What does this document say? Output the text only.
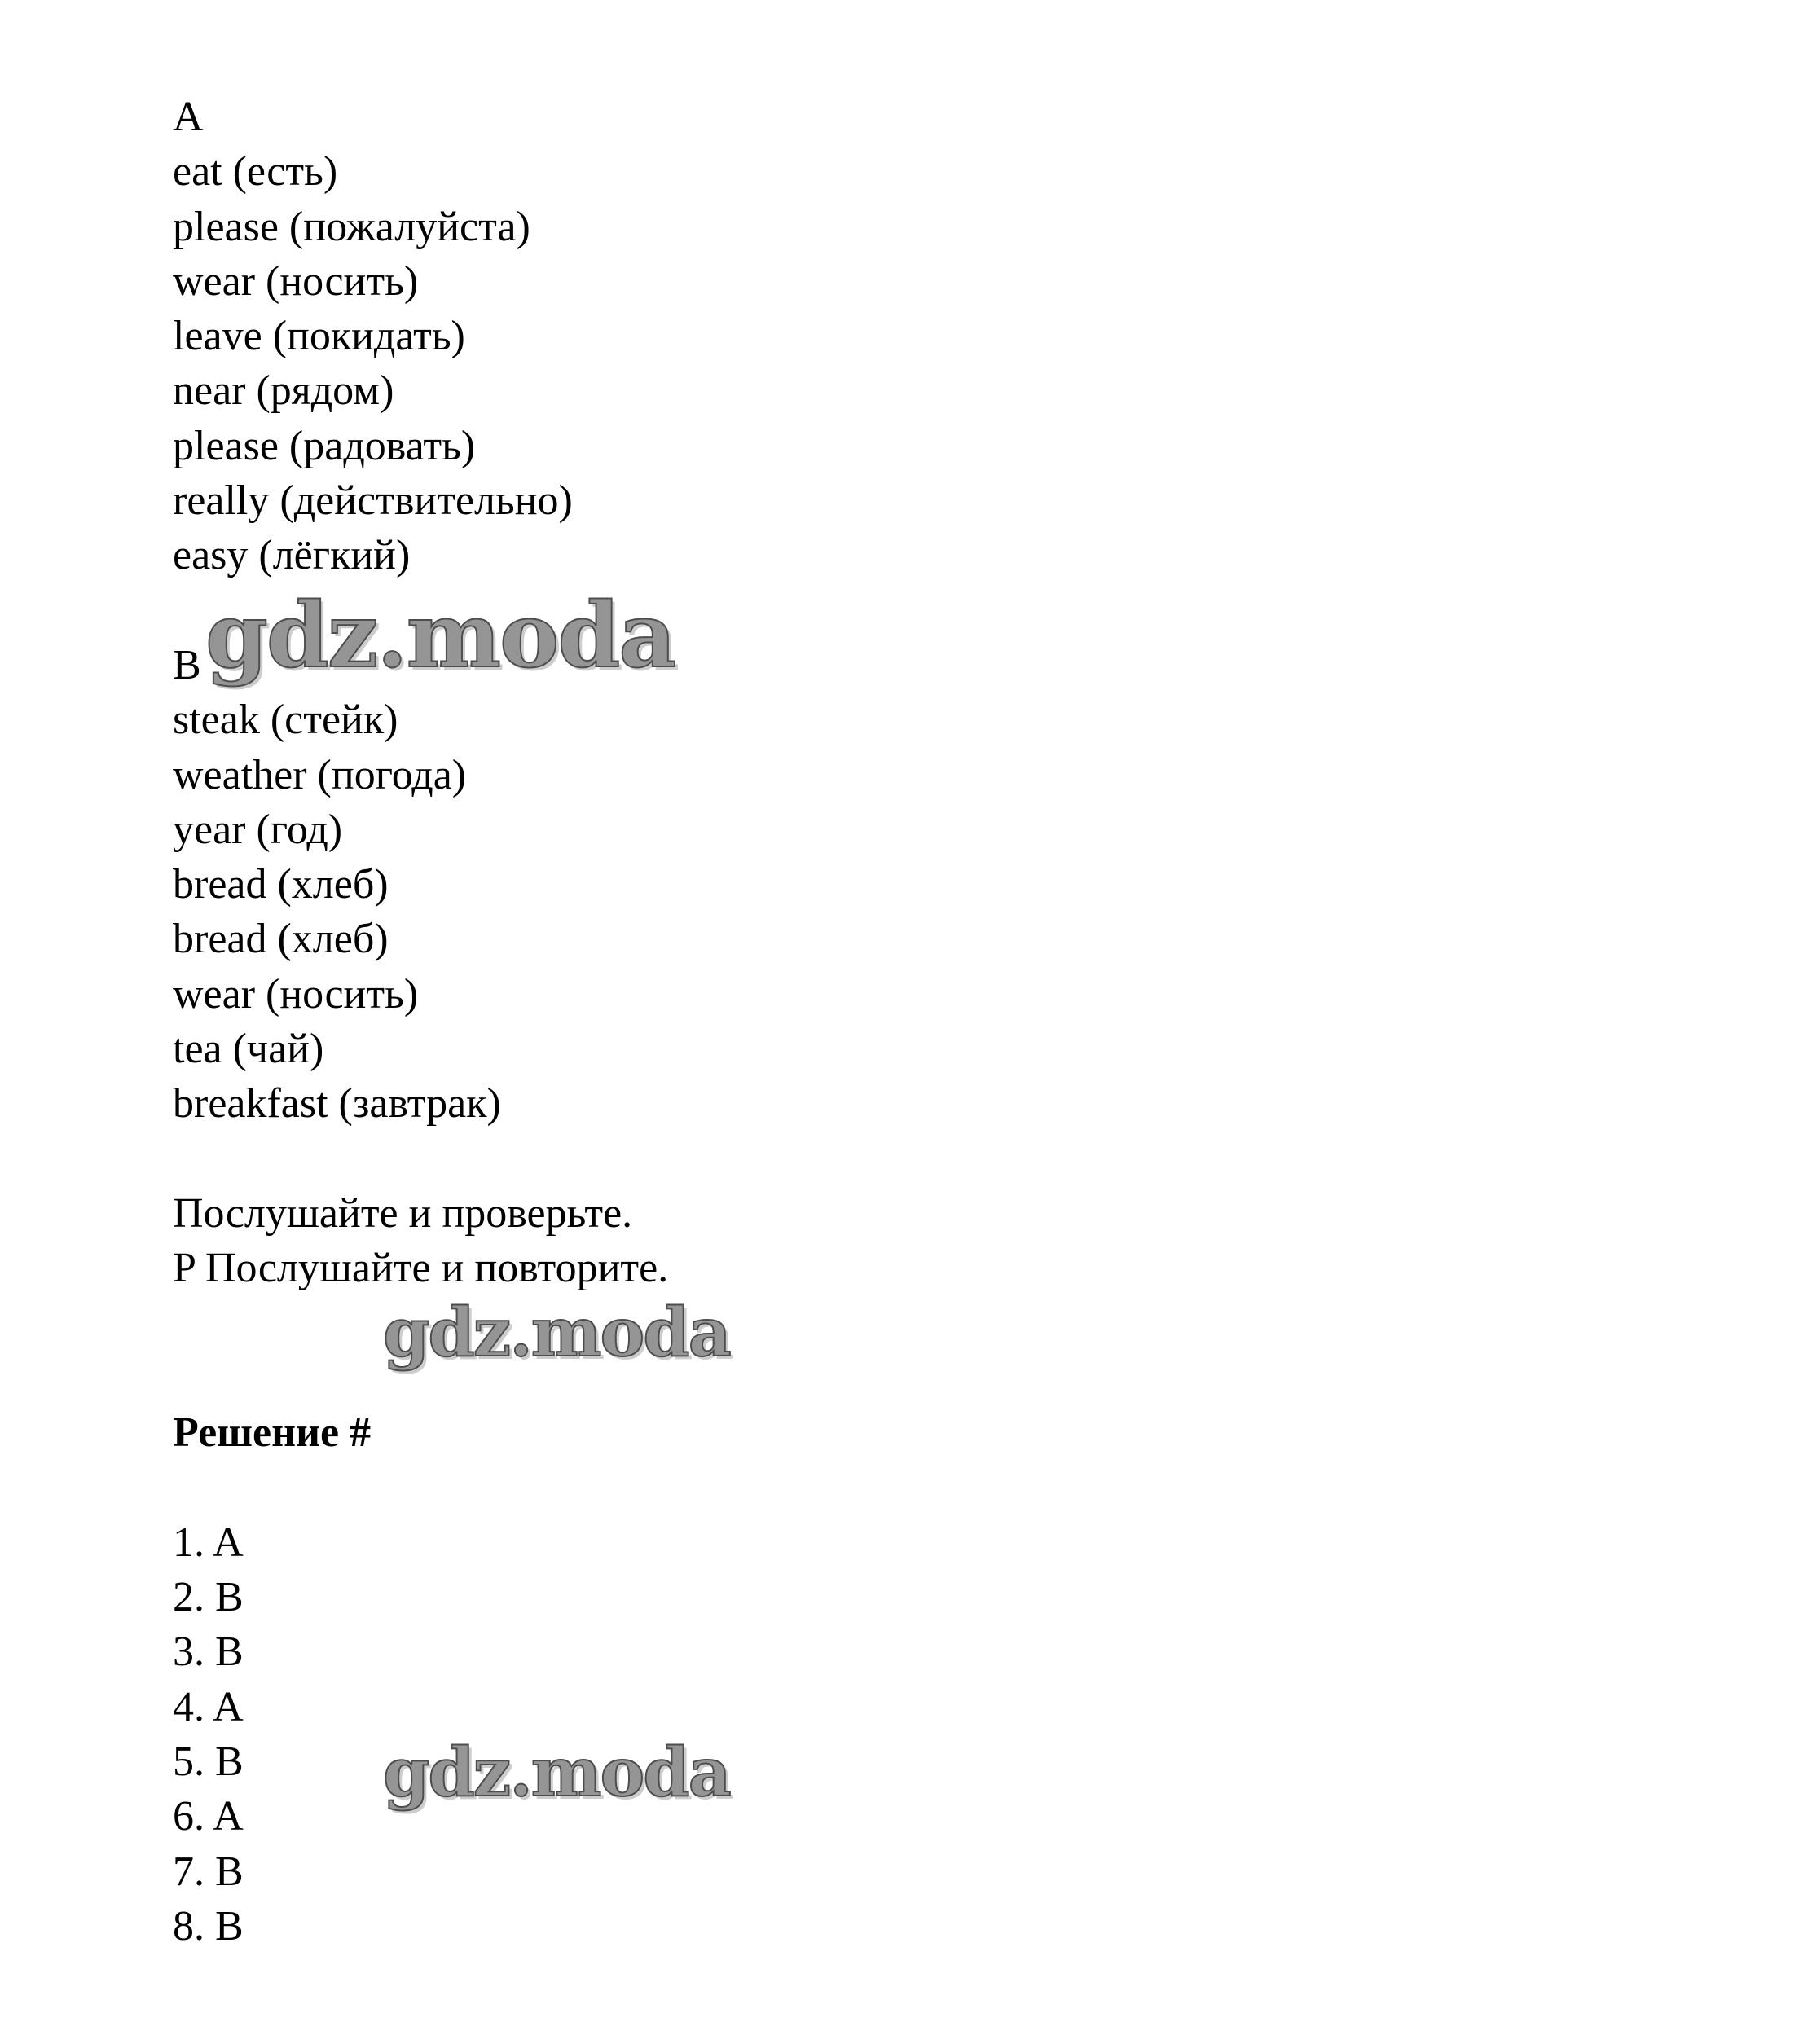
A
eat (есть)
please (пожалуйста)
wear (носить)
leave (покидать)
near (рядом)
please (радовать)
really (действительно)
easy (лёгкий)
B
steak (стейк)
weather (погода)
year (год)
bread (хлеб)
bread (хлеб)
wear (носить)
tea (чай)
breakfast (завтрак)
Послушайте и проверьте.
P Послушайте и повторите.
Решение #
1. A
2. B
3. B
4. A
5. B
6. A
7. B
8. B
gdz.moda
gdz.moda
gdz.moda
